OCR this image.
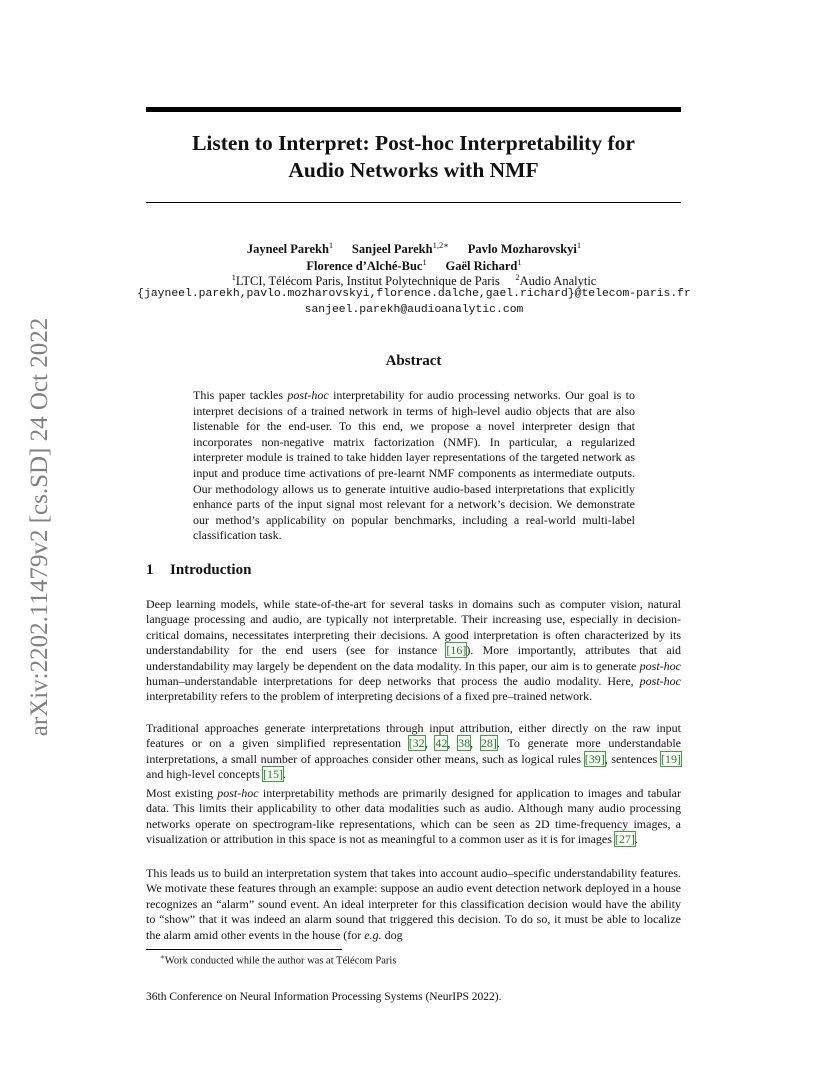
arXiv:2202.11479v2 [cs.SD] 24 Oct 2022
Listen to Interpret: Post-hoc Interpretability for
Audio Networks with NMF
Jayneel Parekh$^1$ Sanjeel Parekh$^{1,2∗}$ Pavlo Mozharovskyi$^1$
Florence d’Alché-Buc$^1$ Gaël Richard$^1$
$^1$LTCI, Télécom Paris, Institut Polytechnique de Paris $^2$Audio Analytic
{jayneel.parekh,pavlo.mozharovskyi,florence.dalche,gael.richard}@telecom-paris.fr
sanjeel.parekh@audioanalytic.com
Abstract
This paper tackles post-hoc interpretability for audio processing networks. Our goal is to interpret decisions of a trained network in terms of high-level audio objects that are also listenable for the end-user. To this end, we propose a novel interpreter design that incorporates non-negative matrix factorization (NMF). In particular, a regularized interpreter module is trained to take hidden layer representations of the targeted network as input and produce time activations of pre-learnt NMF components as intermediate outputs. Our methodology allows us to generate intuitive audio-based interpretations that explicitly enhance parts of the input signal most relevant for a network’s decision. We demonstrate our method’s applicability on popular benchmarks, including a real-world multi-label classification task.
1 Introduction
Deep learning models, while state-of-the-art for several tasks in domains such as computer vision, natural language processing and audio, are typically not interpretable. Their increasing use, especially in decision-critical domains, necessitates interpreting their decisions. A good interpretation is often characterized by its understandability for the end users (see for instance [16]). More importantly, attributes that aid understandability may largely be dependent on the data modality. In this paper, our aim is to generate post-hoc human–understandable interpretations for deep networks that process the audio modality. Here, post-hoc interpretability refers to the problem of interpreting decisions of a fixed pre–trained network.
Traditional approaches generate interpretations through input attribution, either directly on the raw input features or on a given simplified representation [32, 42, 38, 28]. To generate more understandable interpretations, a small number of approaches consider other means, such as logical rules [39], sentences [19] and high-level concepts [15].
Most existing post-hoc interpretability methods are primarily designed for application to images and tabular data. This limits their applicability to other data modalities such as audio. Although many audio processing networks operate on spectrogram-like representations, which can be seen as 2D time-frequency images, a visualization or attribution in this space is not as meaningful to a common user as it is for images [27].
This leads us to build an interpretation system that takes into account audio–specific understandability features. We motivate these features through an example: suppose an audio event detection network deployed in a house recognizes an “alarm” sound event. An ideal interpreter for this classification decision would have the ability to “show” that it was indeed an alarm sound that triggered this decision. To do so, it must be able to localize the alarm amid other events in the house (for e.g. dog
∗Work conducted while the author was at Télécom Paris
36th Conference on Neural Information Processing Systems (NeurIPS 2022).
